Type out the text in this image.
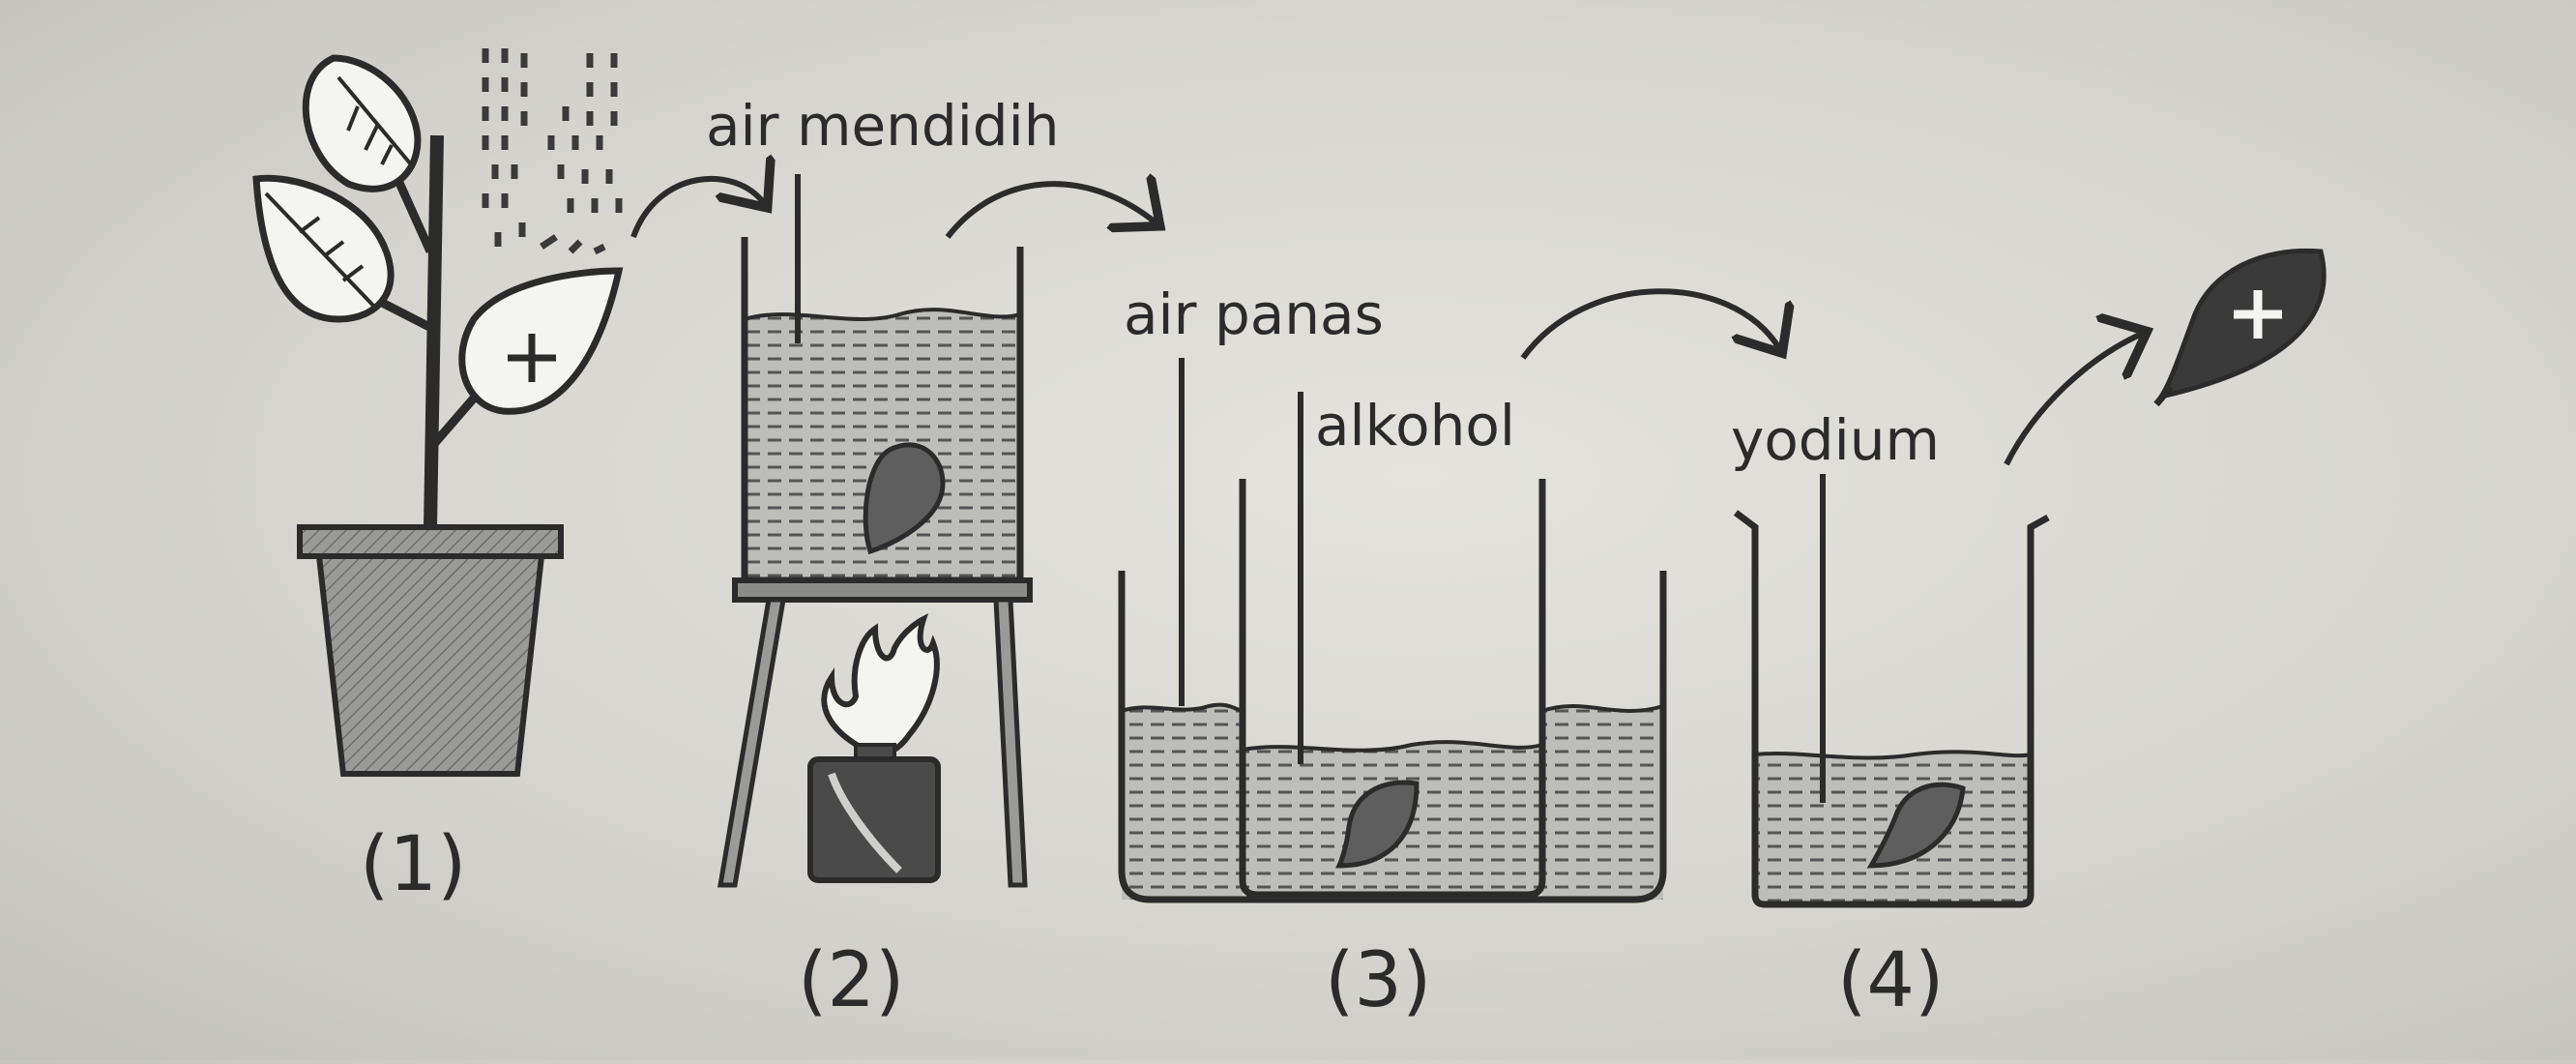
air mendidih
air panas
alkohol	yodium
(1)
(2)	(3)	(4)
